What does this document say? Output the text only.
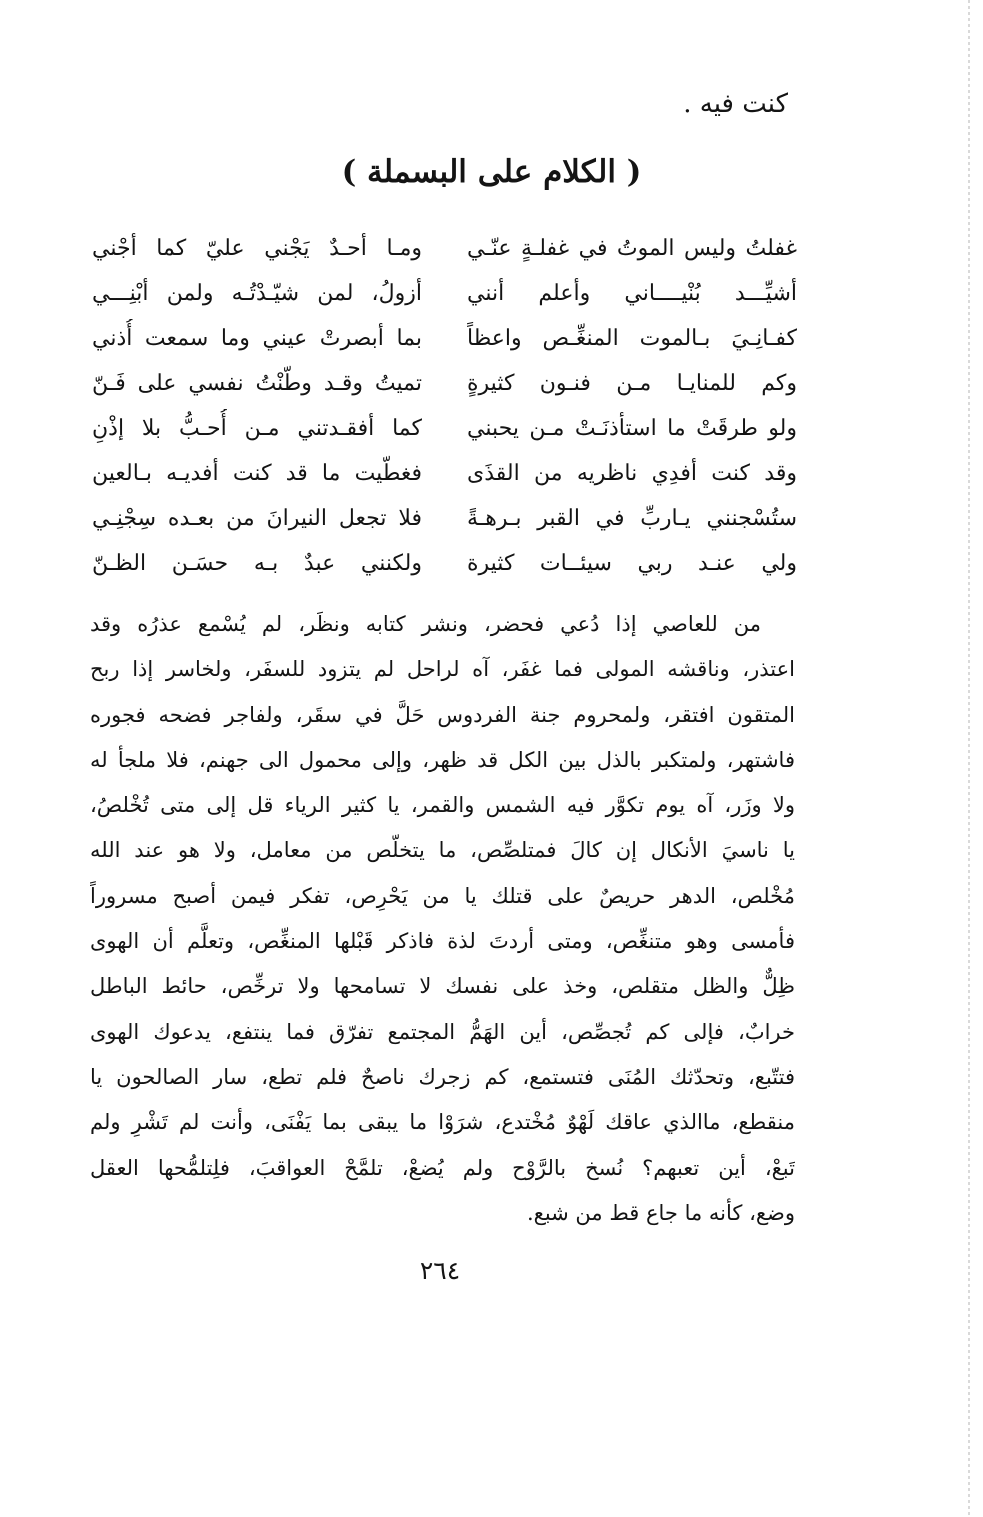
كنت فيه .
( الكلام على البسملة )
غفلتُ وليس الموتُ في غفلـةٍ عنّـي
ومـا أحـدٌ يَجْني عليّ كما أجْني
أشيِّـــد بُنْيــــاني وأعلم أنني
أزولُ، لمن شيّـدْتُـه ولمن أبْنِـــي
كفـانِـيَ بـالموت المنغِّـص واعظاً
بما أبصرتْ عيني وما سمعت أُذني
وكم للمنايـا مـن فنـون كثيرةٍ
تميتُ وقـد وطّنْتُ نفسي على فَـنّ
ولو طرقَتْ ما استأذنَـتْ مـن يحبني
كما أفقـدتني مـن أُحـبُّ بلا إذْنِ
وقد كنت أفدِي ناظريه من القذَى
فغطّيت ما قد كنت أفديـه بـالعين
ستُسْجنني يـاربِّ في القبر بـرهـةً
فلا تجعل النيرانَ من بعـده سِجْنِـي
ولي عنـد ربي سيئــات كثيرة
ولكنني عبدٌ بـه حسَـن الظـنّ
من للعاصي إذا دُعي فحضر، ونشر كتابه ونظَر، لم يُسْمع عذرُه وقد
اعتذر، وناقشه المولى فما غفَر، آه لراحل لم يتزود للسفَر، ولخاسر إذا ربح
المتقون افتقر، ولمحروم جنة الفردوس حَلَّ في سقَر، ولفاجر فضحه فجوره
فاشتهر، ولمتكبر بالذل بين الكل قد ظهر، وإلى محمول الى جهنم، فلا ملجأ له
ولا وزَر، آه يوم تكوَّر فيه الشمس والقمر، يا كثير الرياء قل إلى متى تُخْلصُ،
يا ناسيَ الأنكال إن كالَ فمتلصِّص، ما يتخلّص من معامل، ولا هو عند الله
مُخْلص، الدهر حريصٌ على قتلك يا من يَحْرِص، تفكر فيمن أصبح مسروراً
فأمسى وهو متنغِّص، ومتى أردتَ لذة فاذكر قَبْلها المنغِّص، وتعلَّم أن الهوى
ظِلٌّ والظل متقلص، وخذ على نفسك لا تسامحها ولا ترخِّص، حائط الباطل
خرابٌ، فإلى كم تُجصِّص، أين الهَمُّ المجتمع تفرّق فما ينتفع، يدعوك الهوى
فتتّبع، وتحدّثك المُنَى فتستمع، كم زجرك ناصحٌ فلم تطع، سار الصالحون يا
منقطع، ماالذي عاقك لَهْوٌ مُخْتدع، شرَوْا ما يبقى بما يَفْنَى، وأنت لم تَشْرِ ولم
تَبعْ، أين تعبهم؟ نُسخ بالرَّوْح ولم يُضعْ، تلمَّحْ العواقبَ، فلِتلمُّحها العقل
وضع، كأنه ما جاع قط من شبع.
٢٦٤
